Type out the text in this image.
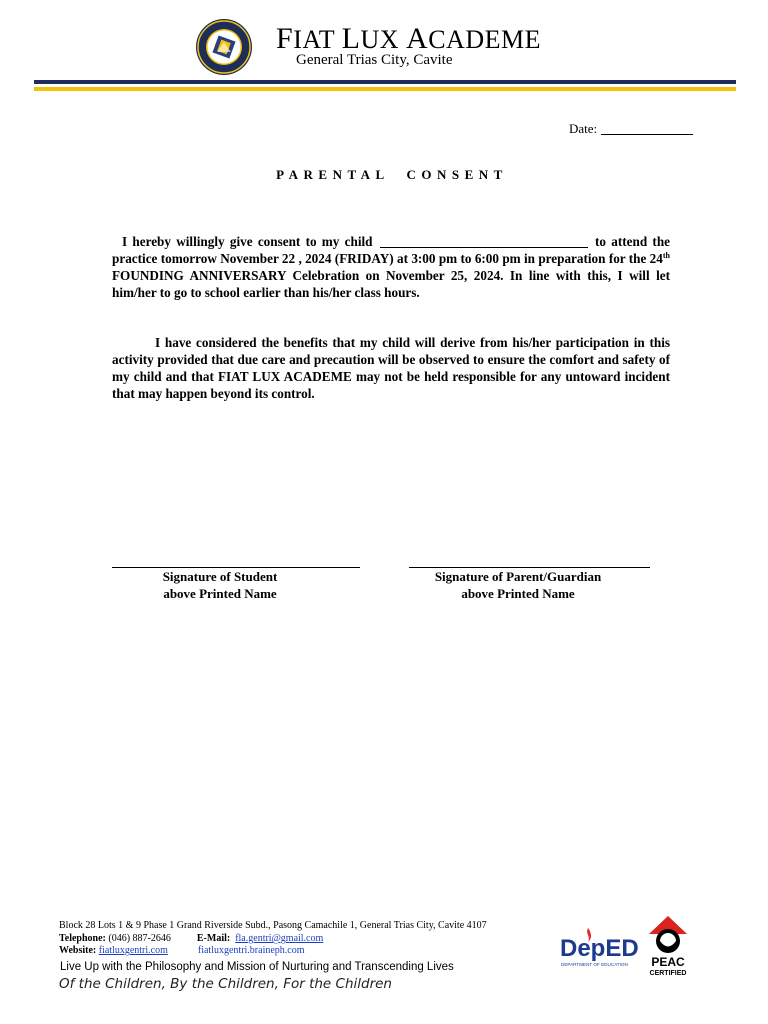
FIAT LUX ACADEME
General Trias City, Cavite
Date:
PARENTAL  CONSENT
I hereby willingly give consent to my child	to attend the practice tomorrow November 22 , 2024 (FRIDAY) at 3:00 pm to 6:00 pm in preparation for the 24th FOUNDING ANNIVERSARY Celebration on November 25, 2024. In line with this, I will let him/her to go to school earlier than his/her class hours.
I have considered the benefits that my child will derive from his/her participation in this activity provided that due care and precaution will be observed to ensure the comfort and safety of my child and that FIAT LUX ACADEME may not be held responsible for any untoward incident that may happen beyond its control.
Signature of Student
above Printed Name
Signature of Parent/Guardian
above Printed Name
Block 28 Lots 1 & 9 Phase 1 Grand Riverside Subd., Pasong Camachile 1, General Trias City, Cavite 4107
Telephone: (046) 887-2646	E-Mail: fla.gentri@gmail.com
Website: fiatluxgentri.com	fiatluxgentri.braineph.com
Live Up with the Philosophy and Mission of Nurturing and Transcending Lives
Of the Children, By the Children, For the Children
DepED
DEPARTMENT OF EDUCATION PEAC
CERTIFIED
